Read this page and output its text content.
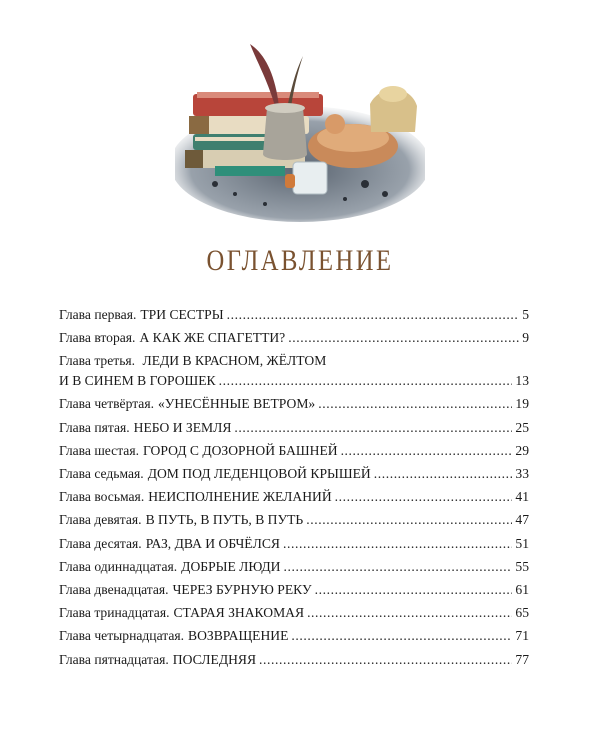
ОГЛАВЛЕНИЕ
Глава первая. ТРИ СЕСТРЫ . . .	5
Глава вторая. А КАК ЖЕ СПАГЕТТИ? . . .	9
Глава третья. ЛЕДИ В КРАСНОМ, ЖЁЛТОМ
И В СИНЕМ В ГОРОШЕК . . .	13
Глава четвёртая. «УНЕСЁННЫЕ ВЕТРОМ» . . .	19
Глава пятая. НЕБО И ЗЕМЛЯ . . .	25
Глава шестая. ГОРОД С ДОЗОРНОЙ БАШНЕЙ . . .	29
Глава седьмая. ДОМ ПОД ЛЕДЕНЦОВОЙ КРЫШЕЙ . . .	33
Глава восьмая. НЕИСПОЛНЕНИЕ ЖЕЛАНИЙ . . .	41
Глава девятая. В ПУТЬ, В ПУТЬ, В ПУТЬ . . .	47
Глава десятая. РАЗ, ДВА И ОБЧЁЛСЯ . . .	51
Глава одиннадцатая. ДОБРЫЕ ЛЮДИ . . .	55
Глава двенадцатая. ЧЕРЕЗ БУРНУЮ РЕКУ . . .	61
Глава тринадцатая. СТАРАЯ ЗНАКОМАЯ . . .	65
Глава четырнадцатая. ВОЗВРАЩЕНИЕ . . .	71
Глава пятнадцатая. ПОСЛЕДНЯЯ . . .	77
